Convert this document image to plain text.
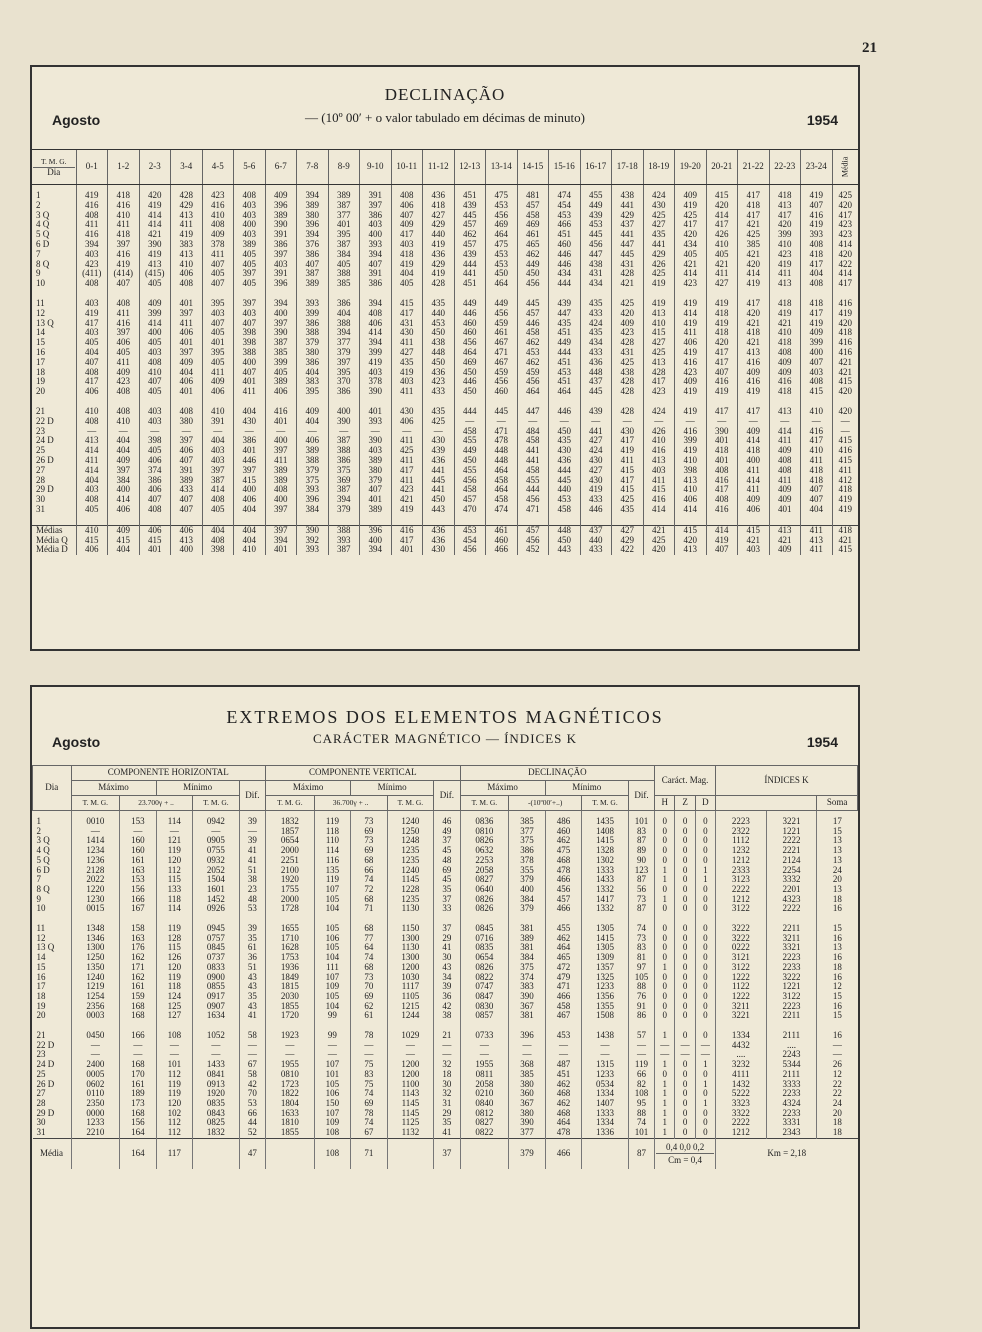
21
DECLINAÇÃO
Agosto	— (10º 00′ + o valor tabulado em décimas de minuto)	1954
T. M. G.
Dia	0-1	1-2	2-3	3-4	4-5	5-6	6-7	7-8	8-9	9-10	10-11	11-12	12-13	13-14	14-15	15-16	16-17	17-18	18-19	19-20	20-21	21-22	22-23	23-24	Média
1	419	418	420	428	423	408	409	394	389	391	408	436	451	475	481	474	455	438	424	409	415	417	418	419	425
2	416	416	419	429	416	403	396	389	387	397	406	418	439	453	457	454	449	441	430	419	420	418	413	407	420
3 Q	408	410	414	413	410	403	389	380	377	386	407	427	445	456	458	453	439	429	425	425	414	417	417	416	417
4 Q	411	411	414	411	408	400	390	396	401	403	409	429	457	469	469	466	453	437	427	417	417	421	420	419	423
5 Q	416	418	421	419	409	403	391	394	395	400	417	440	462	464	461	451	445	441	435	420	426	425	399	393	423
6 D	394	397	390	383	378	389	386	376	387	393	403	419	457	475	465	460	456	447	441	434	410	385	410	408	414
7	403	416	419	413	411	405	397	386	384	394	418	436	439	453	462	446	447	445	429	405	405	421	423	418	420
8 Q	423	419	413	410	407	405	403	407	405	407	419	429	444	453	449	446	438	431	426	421	421	420	419	417	422
9	(411)	(414)	(415)	406	405	397	391	387	388	391	404	419	441	450	450	434	431	428	425	414	411	414	411	404	414
10	408	407	405	408	407	405	396	389	385	386	405	428	451	464	456	444	434	421	419	423	427	419	413	408	417

11	403	408	409	401	395	397	394	393	386	394	415	435	449	449	445	439	435	425	419	419	419	417	418	418	416
12	419	411	399	397	403	403	400	399	404	408	417	440	446	456	457	447	433	420	413	414	418	420	419	417	419
13 Q	417	416	414	411	407	407	397	386	388	406	431	453	460	459	446	435	424	409	410	419	419	421	421	419	420
14	403	397	400	406	405	398	390	388	394	414	430	450	460	461	458	451	435	423	415	411	418	418	410	409	418
15	405	406	405	401	401	398	387	379	377	394	411	438	456	467	462	449	434	428	427	406	420	421	418	399	416
16	404	405	403	397	395	388	385	380	379	399	427	448	464	471	453	444	433	431	425	419	417	413	408	400	416
17	407	411	408	409	405	400	399	386	397	419	435	450	469	467	462	451	436	425	413	416	417	416	409	407	421
18	408	409	410	404	411	407	405	404	395	403	419	436	450	459	459	453	448	438	428	423	407	409	409	403	421
19	417	423	407	406	409	401	389	383	370	378	403	423	446	456	456	451	437	428	417	409	416	416	416	408	415
20	406	408	405	401	406	411	406	395	386	390	411	433	450	460	464	464	445	428	423	419	419	419	418	415	420

21	410	408	403	408	410	404	416	409	400	401	430	435	444	445	447	446	439	428	424	419	417	417	413	410	420
22 D	408	410	403	380	391	430	401	404	390	393	406	425	—	—	—	—	—	—	—	—	—	—	—	—	—
23	—	—	—	—	—	—	—	—	—	—	—	—	458	471	484	450	441	430	426	416	390	409	414	416	—
24 D	413	404	398	397	404	386	400	406	387	390	411	430	455	478	458	435	427	417	410	399	401	414	411	417	415
25	414	404	405	406	403	401	397	389	388	403	425	439	449	448	441	430	424	419	416	419	418	418	409	410	416
26 D	411	409	406	407	403	446	411	388	386	389	411	436	450	448	441	436	430	411	413	410	401	400	408	411	415
27	414	397	374	391	397	397	389	379	375	380	417	441	455	464	458	444	427	415	403	398	408	411	408	418	411
28	404	384	386	389	387	415	389	375	369	379	411	445	456	458	455	445	430	417	411	413	416	414	411	418	412
29 D	403	400	406	433	414	400	408	393	387	407	423	441	458	464	444	440	419	415	415	410	417	411	409	407	418
30	408	414	407	407	408	406	400	396	394	401	421	450	457	458	456	453	433	425	416	406	408	409	409	407	419
31	405	406	408	407	405	404	397	384	379	389	419	443	470	474	471	458	446	435	414	414	416	406	401	404	419

Médias	410	409	406	406	404	404	397	390	388	396	416	436	453	461	457	448	437	427	421	415	414	415	413	411	418
Média Q	415	415	415	413	408	404	394	392	393	400	417	436	454	460	456	450	440	429	425	420	419	421	421	413	421
Média D	406	404	401	400	398	410	401	393	387	394	401	430	456	466	452	443	433	422	420	413	407	403	409	411	415
EXTREMOS DOS ELEMENTOS MAGNÉTICOS
Agosto	CARÁCTER MAGNÉTICO — ÍNDICES K	1954
Dia	COMPONENTE HORIZONTAL					COMPONENTE VERTICAL					DECLINAÇÃO					Caráct. Mag.			ÍNDICES K		
	Máximo		Mínimo		Dif.	Máximo		Mínimo		Dif.	Máximo		Mínimo		Dif.						
	T. M. G.	23.700γ + ..		T. M. G.		T. M. G.	36.700γ + ..		T. M. G.		T. M. G.	-(10º00′+..)		T. M. G.		H	Z	D			Soma
1	0010	153	114	0942	39	1832	119	73	1240	46	0836	385	486	1435	101	0	0	0	2223	3221	17
2	—	—	—	—	—	1857	118	69	1250	49	0810	377	460	1408	83	0	0	0	2322	1221	15
3 Q	1414	160	121	0905	39	0654	110	73	1248	37	0826	375	462	1415	87	0	0	0	1112	2222	13
4 Q	1234	160	119	0755	41	2000	114	69	1235	45	0632	386	475	1328	89	0	0	0	1232	2221	13
5 Q	1236	161	120	0932	41	2251	116	68	1235	48	2253	378	468	1302	90	0	0	0	1212	2124	13
6 D	2128	163	112	2052	51	2100	135	66	1240	69	2058	355	478	1333	123	1	0	1	2333	2254	24
7	2022	153	115	1504	38	1920	119	74	1145	45	0827	379	466	1433	87	1	0	1	3123	3332	20
8 Q	1220	156	133	1601	23	1755	107	72	1228	35	0640	400	456	1332	56	0	0	0	2222	2201	13
9	1230	166	118	1452	48	2000	105	68	1235	37	0826	384	457	1417	73	1	0	0	1212	4323	18
10	0015	167	114	0926	53	1728	104	71	1130	33	0826	379	466	1332	87	0	0	0	3122	2222	16

11	1348	158	119	0945	39	1655	105	68	1150	37	0845	381	455	1305	74	0	0	0	3222	2211	15
12	1346	163	128	0757	35	1710	106	77	1300	29	0716	389	462	1415	73	0	0	0	3222	3211	16
13 Q	1300	176	115	0845	61	1628	105	64	1130	41	0835	381	464	1305	83	0	0	0	0222	3321	13
14	1250	162	126	0737	36	1753	104	74	1300	30	0654	384	465	1309	81	0	0	0	3121	2223	16
15	1350	171	120	0833	51	1936	111	68	1200	43	0826	375	472	1357	97	1	0	0	3122	2233	18
16	1240	162	119	0900	43	1849	107	73	1030	34	0822	374	479	1325	105	0	0	0	1222	3222	16
17	1219	161	118	0855	43	1815	109	70	1117	39	0747	383	471	1233	88	0	0	0	1122	1221	12
18	1254	159	124	0917	35	2030	105	69	1105	36	0847	390	466	1356	76	0	0	0	1222	3122	15
19	2356	168	125	0907	43	1855	104	62	1215	42	0830	367	458	1355	91	0	0	0	3211	2223	16
20	0003	168	127	1634	41	1720	99	61	1244	38	0857	381	467	1508	86	0	0	0	3221	2211	15

21	0450	166	108	1052	58	1923	99	78	1029	21	0733	396	453	1438	57	1	0	0	1334	2111	16
22 D	—	—	—	—	—	—	—	—	—	—	—	—	—	—	—	—	—	—	4432	....	—
23	—	—	—	—	—	—	—	—	—	—	—	—	—	—	—	—	—	—	....	2243	—
24 D	2400	168	101	1433	67	1955	107	75	1200	32	1955	368	487	1315	119	1	0	1	3232	5344	26
25	0005	170	112	0841	58	0810	101	83	1200	18	0811	385	451	1233	66	0	0	0	4111	2111	12
26 D	0602	161	119	0913	42	1723	105	75	1100	30	2058	380	462	0534	82	1	0	1	1432	3333	22
27	0110	189	119	1920	70	1822	106	74	1143	32	0210	360	468	1334	108	1	0	0	5222	2233	22
28	2350	173	120	0835	53	1804	150	69	1145	31	0840	367	462	1407	95	1	0	1	3323	4324	24
29 D	0000	168	102	0843	66	1633	107	78	1145	29	0812	380	468	1333	88	1	0	0	3322	2233	20
30	1233	156	112	0825	44	1810	109	74	1125	35	0827	390	464	1334	74	1	0	0	2222	3331	18
31	2210	164	112	1832	52	1855	108	67	1132	41	0822	377	478	1336	101	1	0	0	1212	2343	18
Média		164	117		47		108	71		37		379	466		87	0,4 0,0 0,2
Cm = 0,4			Km = 2,18		
